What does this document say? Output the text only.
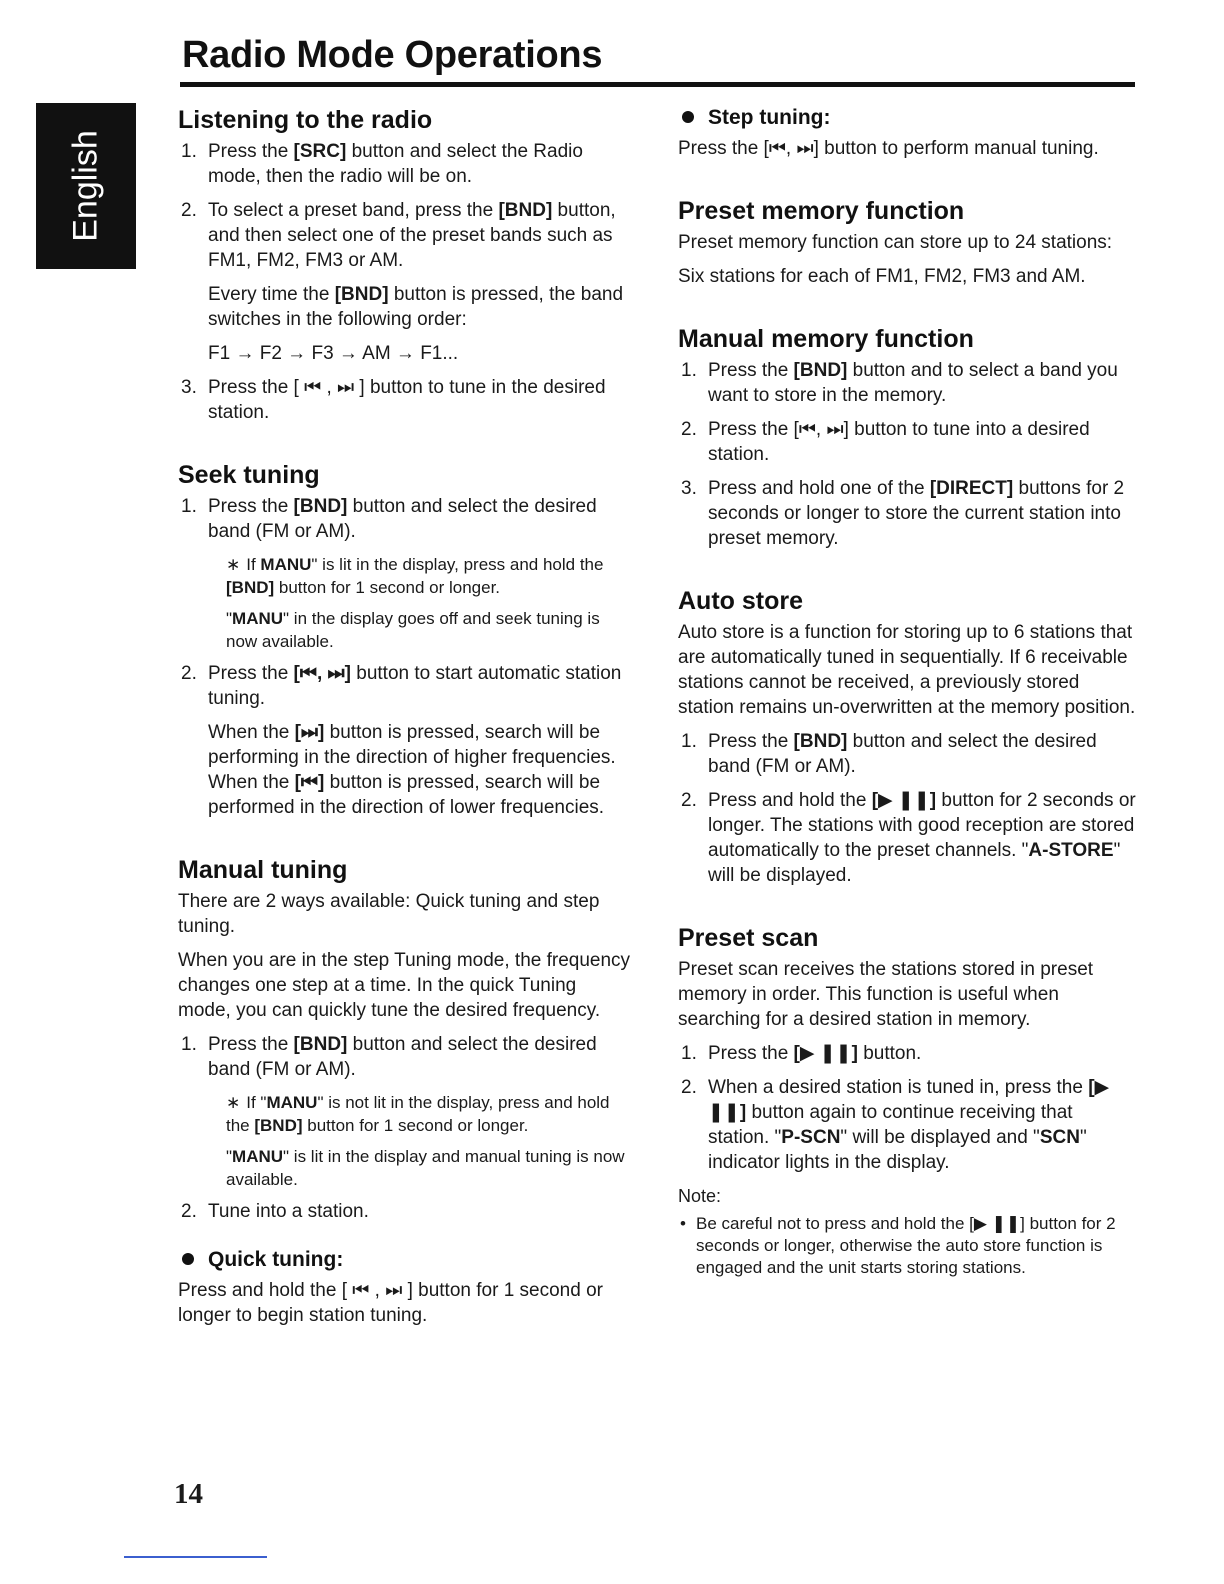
Radio Mode Operations
English
Listening to the radio
1. Press the [SRC] button and select the Radio mode, then the radio will be on.
2. To select a preset band, press the [BND] button, and then select one of the preset bands such as FM1, FM2, FM3 or AM.
Every time the [BND] button is pressed, the band switches in the following order:
F1 → F2 → F3 → AM → F1...
3. Press the [ ⏮ , ⏭ ] button to tune in the desired station.
Seek tuning
1. Press the [BND] button and select the desired band (FM or AM).
∗ If MANU" is lit in the display, press and hold the [BND] button for 1 second or longer.
"MANU" in the display goes off and seek tuning is now available.
2. Press the [⏮, ⏭] button to start automatic station tuning.
When the [⏭] button is pressed, search will be performing in the direction of higher frequencies. When the [⏮] button is pressed, search will be performed in the direction of lower frequencies.
Manual tuning

There are 2 ways available: Quick tuning and step tuning.

When you are in the step Tuning mode, the frequency changes one step at a time. In the quick Tuning mode, you can quickly tune the desired frequency.

1. Press the [BND] button and select the desired band (FM or AM).
∗ If "MANU" is not lit in the display, press and hold the [BND] button for 1 second or longer.
"MANU" is lit in the display and manual tuning is now available.
2. Tune into a station.
Quick tuning:

Press and hold the [ ⏮ , ⏭ ] button for 1 second or longer to begin station tuning.

Step tuning:

Press the [⏮, ⏭] button to perform manual tuning.

Preset memory function

Preset memory function can store up to 24 stations:

Six stations for each of FM1, FM2, FM3 and AM.

Manual memory function
1. Press the [BND] button and to select a band you want to store in the memory.
2. Press the [⏮, ⏭] button to tune into a desired station.
3. Press and hold one of the [DIRECT] buttons for 2 seconds or longer to store the current station into preset memory.
Auto store

Auto store is a function for storing up to 6 stations that are automatically tuned in sequentially. If 6 receivable stations cannot be received, a previously stored station remains un-overwritten at the memory position.

1. Press the [BND] button and select the desired band (FM or AM).
2. Press and hold the [▶ ❚❚] button for 2 seconds or longer. The stations with good reception are stored automatically to the preset channels. "A-STORE" will be displayed.
Preset scan

Preset scan receives the stations stored in preset memory in order. This function is useful when searching for a desired station in memory.

1. Press the [▶ ❚❚] button.
2. When a desired station is tuned in, press the [▶ ❚❚] button again to continue receiving that station. "P-SCN" will be displayed and "SCN" indicator lights in the display.
Note:
• Be careful not to press and hold the [▶ ❚❚] button for 2 seconds or longer, otherwise the auto store function is engaged and the unit starts storing stations.
14
